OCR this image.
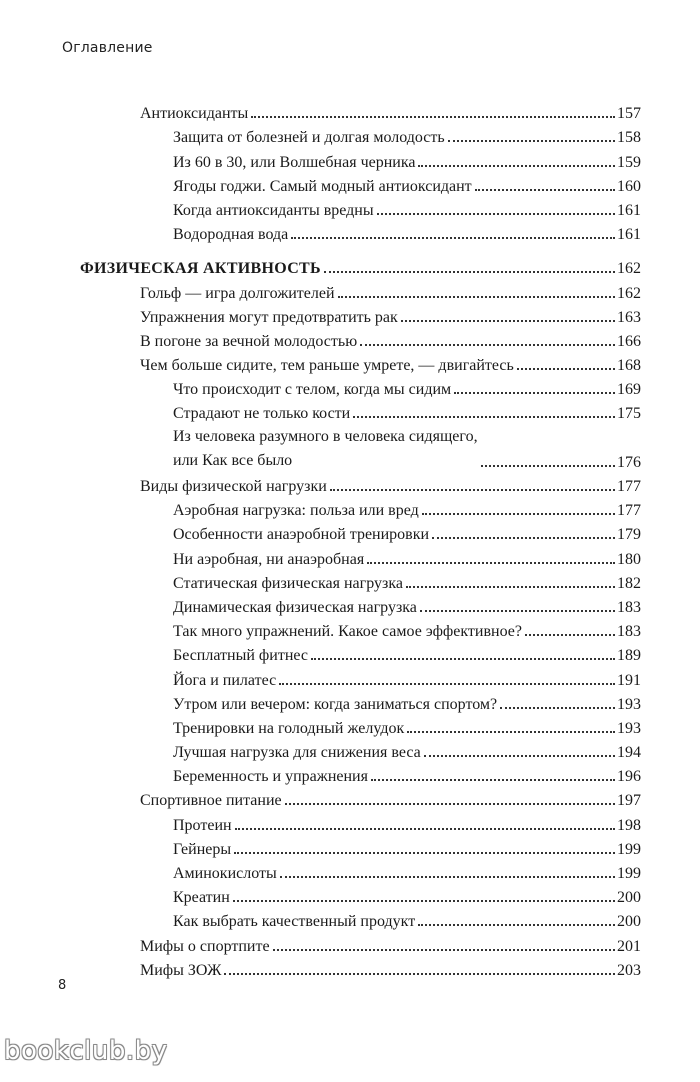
Оглавление
Антиоксиданты	157
Защита от болезней и долгая молодость	158
Из 60 в 30, или Волшебная черника	159
Ягоды годжи. Самый модный антиоксидант	160
Когда антиоксиданты вредны	161
Водородная вода	161
ФИЗИЧЕСКАЯ АКТИВНОСТЬ	162
Гольф — игра долгожителей	162
Упражнения могут предотвратить рак	163
В погоне за вечной молодостью	166
Чем больше сидите, тем раньше умрете, — двигайтесь	168
Что происходит с телом, когда мы сидим	169
Страдают не только кости	175
Из человека разумного в человека сидящего,
или Как все было	176
Виды физической нагрузки	177
Аэробная нагрузка: польза или вред	177
Особенности анаэробной тренировки	179
Ни аэробная, ни анаэробная	180
Статическая физическая нагрузка	182
Динамическая физическая нагрузка	183
Так много упражнений. Какое самое эффективное?	183
Бесплатный фитнес	189
Йога и пилатес	191
Утром или вечером: когда заниматься спортом?	193
Тренировки на голодный желудок	193
Лучшая нагрузка для снижения веса	194
Беременность и упражнения	196
Спортивное питание	197
Протеин	198
Гейнеры	199
Аминокислоты	199
Креатин	200
Как выбрать качественный продукт	200
Мифы о спортпите	201
Мифы ЗОЖ	203
8
bookclub.by
